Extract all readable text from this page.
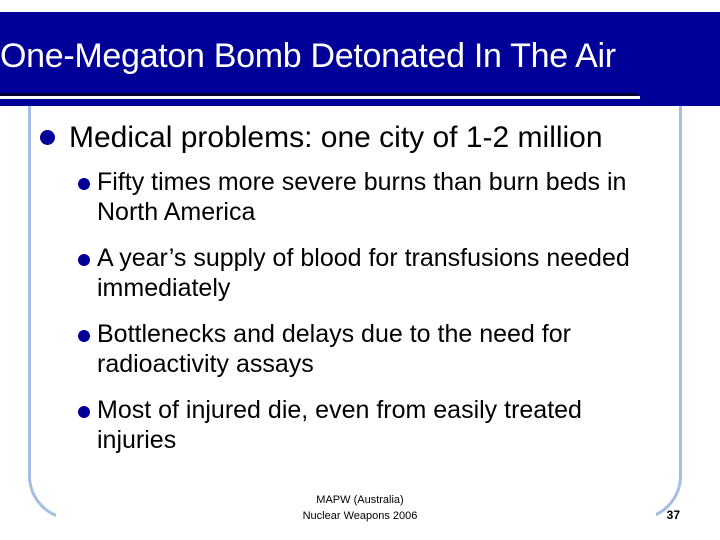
One-Megaton Bomb Detonated In The Air
Medical problems: one city of 1-2 million
Fifty times more severe burns than burn beds in North America
A year’s supply of blood for transfusions needed immediately
Bottlenecks and delays due to the need for radioactivity assays
Most of injured die, even from easily treated injuries
MAPW (Australia)
Nuclear Weapons 2006	37
